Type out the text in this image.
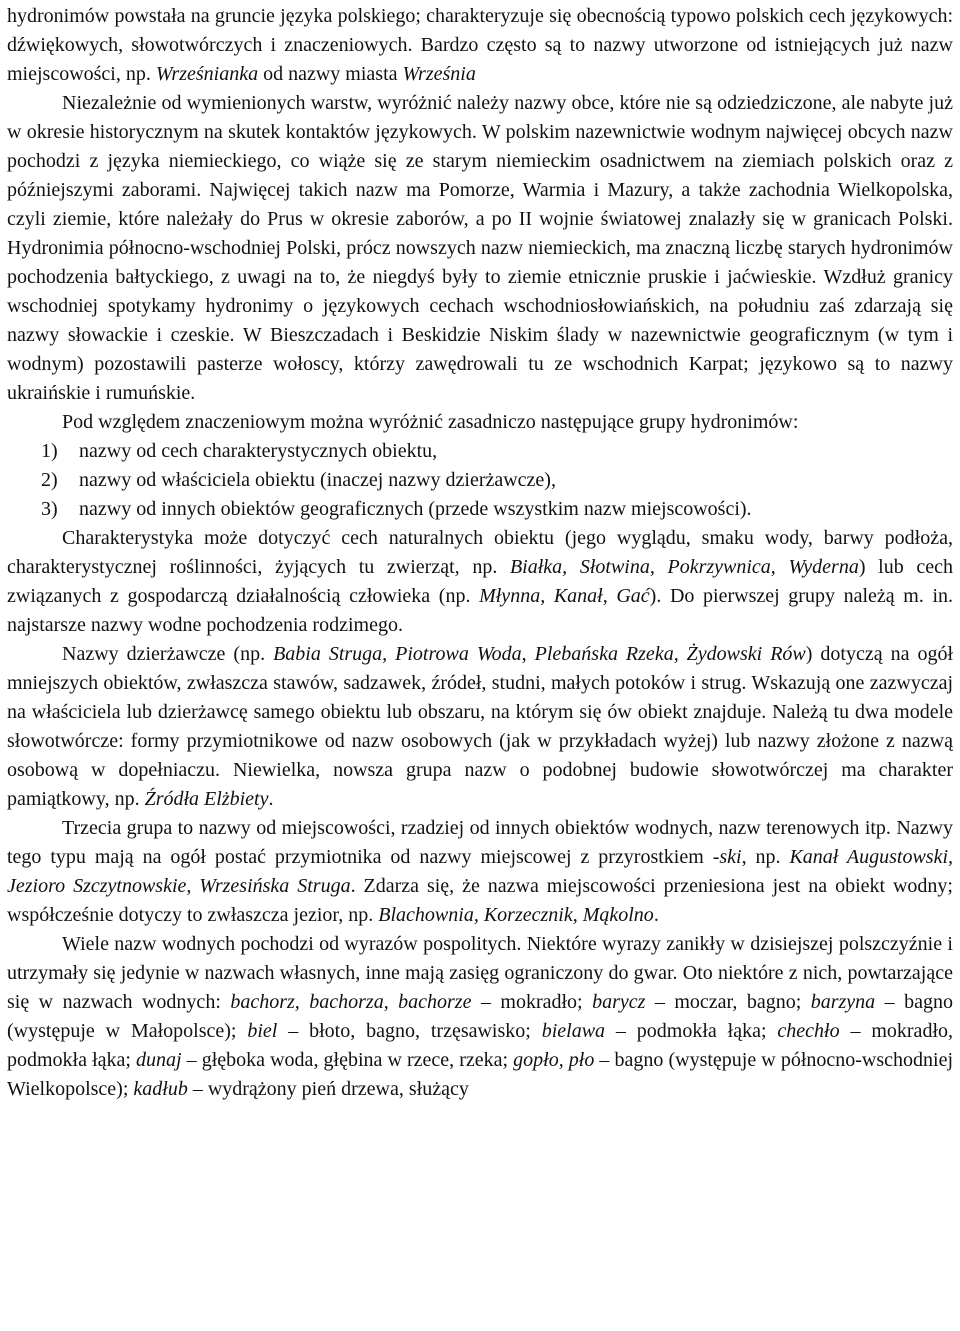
hydronimów powstała na gruncie języka polskiego; charakteryzuje się obecnością typowo polskich cech językowych: dźwiękowych, słowotwórczych i znaczeniowych. Bardzo często są to nazwy utworzone od istniejących już nazw miejscowości, np. Wrześnianka od nazwy miasta Września

Niezależnie od wymienionych warstw, wyróżnić należy nazwy obce, które nie są odziedziczone, ale nabyte już w okresie historycznym na skutek kontaktów językowych. W polskim nazewnictwie wodnym najwięcej obcych nazw pochodzi z języka niemieckiego, co wiąże się ze starym niemieckim osadnictwem na ziemiach polskich oraz z późniejszymi zaborami. Najwięcej takich nazw ma Pomorze, Warmia i Mazury, a także zachodnia Wielkopolska, czyli ziemie, które należały do Prus w okresie zaborów, a po II wojnie światowej znalazły się w granicach Polski. Hydronimia północno-wschodniej Polski, prócz nowszych nazw niemieckich, ma znaczną liczbę starych hydronimów pochodzenia bałtyckiego, z uwagi na to, że niegdyś były to ziemie etnicznie pruskie i jaćwieskie. Wzdłuż granicy wschodniej spotykamy hydronimy o językowych cechach wschodniosłowiańskich, na południu zaś zdarzają się nazwy słowackie i czeskie. W Bieszczadach i Beskidzie Niskim ślady w nazewnictwie geograficznym (w tym i wodnym) pozostawili pasterze wołoscy, którzy zawędrowali tu ze wschodnich Karpat; językowo są to nazwy ukraińskie i rumuńskie.

Pod względem znaczeniowym można wyróżnić zasadniczo następujące grupy hydronimów:

1) nazwy od cech charakterystycznych obiektu,
2) nazwy od właściciela obiektu (inaczej nazwy dzierżawcze),
3) nazwy od innych obiektów geograficznych (przede wszystkim nazw miejscowości).

Charakterystyka może dotyczyć cech naturalnych obiektu (jego wyglądu, smaku wody, barwy podłoża, charakterystycznej roślinności, żyjących tu zwierząt, np. Białka, Słotwina, Pokrzywnica, Wyderna) lub cech związanych z gospodarczą działalnością człowieka (np. Młynna, Kanał, Gać). Do pierwszej grupy należą m. in. najstarsze nazwy wodne pochodzenia rodzimego.

Nazwy dzierżawcze (np. Babia Struga, Piotrowa Woda, Plebańska Rzeka, Żydowski Rów) dotyczą na ogół mniejszych obiektów, zwłaszcza stawów, sadzawek, źródeł, studni, małych potoków i strug. Wskazują one zazwyczaj na właściciela lub dzierżawcę samego obiektu lub obszaru, na którym się ów obiekt znajduje. Należą tu dwa modele słowotwórcze: formy przymiotnikowe od nazw osobowych (jak w przykładach wyżej) lub nazwy złożone z nazwą osobową w dopełniaczu. Niewielka, nowsza grupa nazw o podobnej budowie słowotwórczej ma charakter pamiątkowy, np. Źródła Elżbiety.

Trzecia grupa to nazwy od miejscowości, rzadziej od innych obiektów wodnych, nazw terenowych itp. Nazwy tego typu mają na ogół postać przymiotnika od nazwy miejscowej z przyrostkiem -ski, np. Kanał Augustowski, Jezioro Szczytnowskie, Wrzesińska Struga. Zdarza się, że nazwa miejscowości przeniesiona jest na obiekt wodny; współcześnie dotyczy to zwłaszcza jezior, np. Blachownia, Korzecznik, Mąkolno.

Wiele nazw wodnych pochodzi od wyrazów pospolitych. Niektóre wyrazy zanikły w dzisiejszej polszczyźnie i utrzymały się jedynie w nazwach własnych, inne mają zasięg ograniczony do gwar. Oto niektóre z nich, powtarzające się w nazwach wodnych: bachorz, bachorza, bachorze – mokradło; barycz – moczar, bagno; barzyna – bagno (występuje w Małopolsce); biel – błoto, bagno, trzęsawisko; bielawa – podmokła łąka; chechło – mokradło, podmokła łąka; dunaj – głęboka woda, głębina w rzece, rzeka; gopło, pło – bagno (występuje w północno-wschodniej Wielkopolsce); kadłub – wydrążony pień drzewa, służący
